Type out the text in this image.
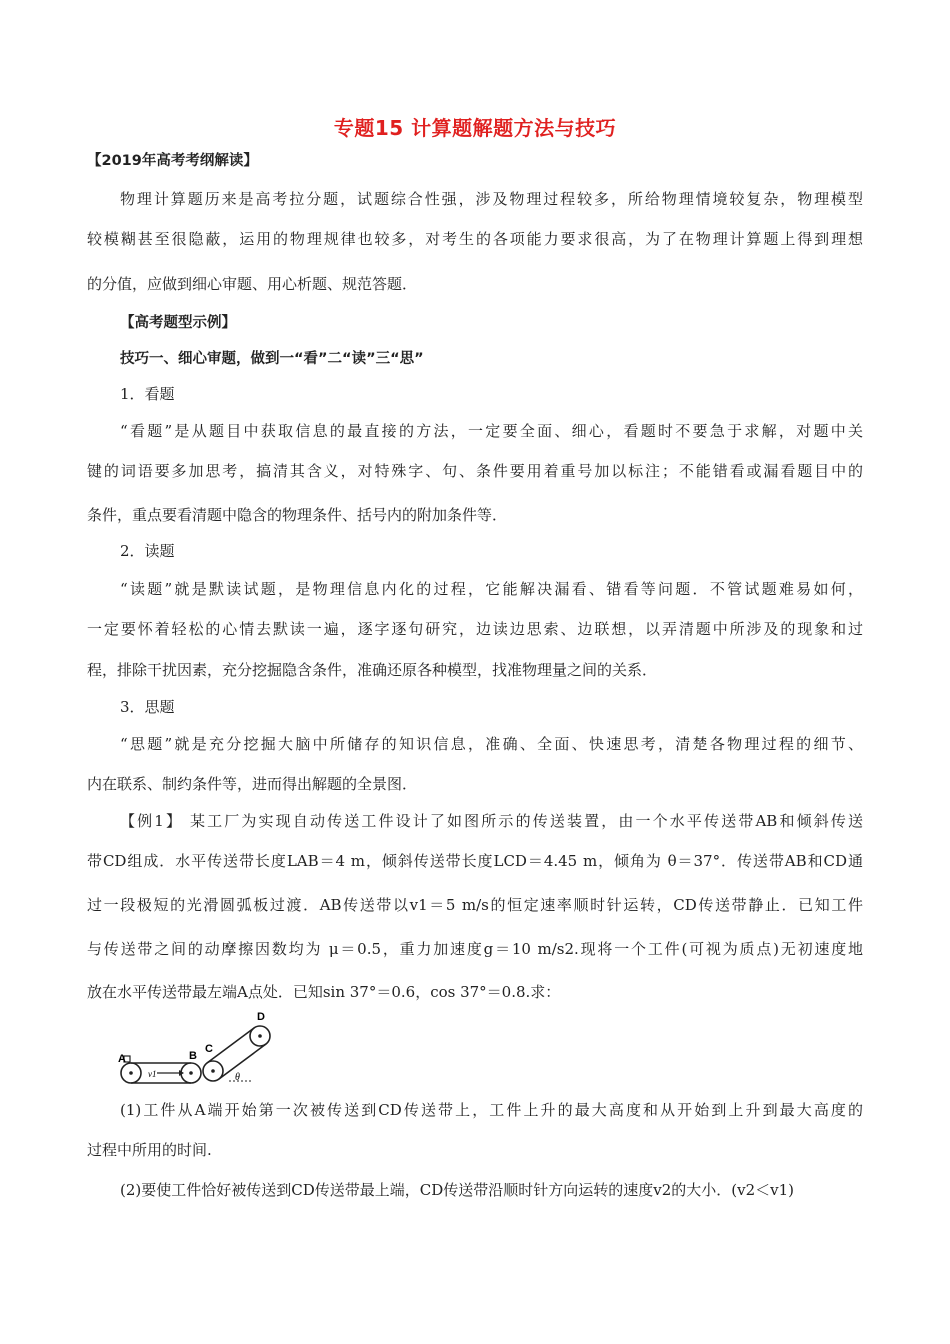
专题15 计算题解题方法与技巧
【2019年高考考纲解读】
物理计算题历来是高考拉分题，试题综合性强，涉及物理过程较多，所给物理情境较复杂，物理模型
较模糊甚至很隐蔽，运用的物理规律也较多，对考生的各项能力要求很高，为了在物理计算题上得到理想
的分值，应做到细心审题、用心析题、规范答题．
【高考题型示例】
技巧一、细心审题，做到一“看”二“读”三“思”
1．看题
“看题”是从题目中获取信息的最直接的方法，一定要全面、细心，看题时不要急于求解，对题中关
键的词语要多加思考，搞清其含义，对特殊字、句、条件要用着重号加以标注；不能错看或漏看题目中的
条件，重点要看清题中隐含的物理条件、括号内的附加条件等．
2．读题
“读题”就是默读试题，是物理信息内化的过程，它能解决漏看、错看等问题．不管试题难易如何，
一定要怀着轻松的心情去默读一遍，逐字逐句研究，边读边思索、边联想，以弄清题中所涉及的现象和过
程，排除干扰因素，充分挖掘隐含条件，准确还原各种模型，找准物理量之间的关系．
3．思题
“思题”就是充分挖掘大脑中所储存的知识信息，准确、全面、快速思考，清楚各物理过程的细节、
内在联系、制约条件等，进而得出解题的全景图．
【例1】 某工厂为实现自动传送工件设计了如图所示的传送装置，由一个水平传送带AB和倾斜传送
带CD组成．水平传送带长度LAB＝4 m，倾斜传送带长度LCD＝4.45 m，倾角为 θ＝37°．传送带AB和CD通
过一段极短的光滑圆弧板过渡．AB传送带以v1＝5 m/s的恒定速率顺时针运转，CD传送带静止．已知工件
与传送带之间的动摩擦因数均为 μ＝0.5，重力加速度g＝10 m/s2.现将一个工件(可视为质点)无初速度地
放在水平传送带最左端A点处．已知sin 37°＝0.6，cos 37°＝0.8.求：
A	B
C
D
v1	θ
(1)工件从A端开始第一次被传送到CD传送带上，工件上升的最大高度和从开始到上升到最大高度的
过程中所用的时间.
(2)要使工件恰好被传送到CD传送带最上端，CD传送带沿顺时针方向运转的速度v2的大小．(v2＜v1)
